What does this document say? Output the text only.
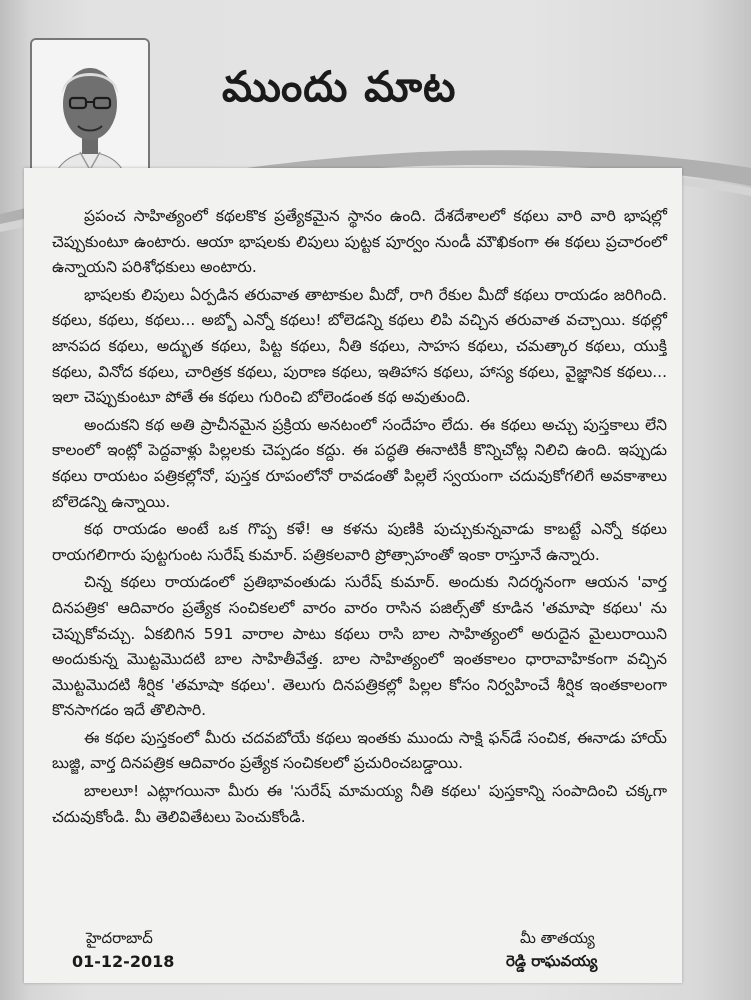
ముందు మాట

ప్రపంచ సాహిత్యంలో కథలకొక ప్రత్యేకమైన స్థానం ఉంది. దేశదేశాలలో కథలు వారి వారి భాషల్లో చెప్పుకుంటూ ఉంటారు. ఆయా భాషలకు లిపులు పుట్టక పూర్వం నుండీ మౌఖికంగా ఈ కథలు ప్రచారంలో ఉన్నాయని పరిశోధకులు అంటారు.

భాషలకు లిపులు ఏర్పడిన తరువాత తాటాకుల మీదో, రాగి రేకుల మీదో కథలు రాయడం జరిగింది. కథలు, కథలు, కథలు... అబ్బో ఎన్నో కథలు! బోలెడన్ని కథలు లిపి వచ్చిన తరువాత వచ్చాయి. కథల్లో జానపద కథలు, అద్భుత కథలు, పిట్ట కథలు, నీతి కథలు, సాహస కథలు, చమత్కార కథలు, యుక్తి కథలు, వినోద కథలు, చారిత్రక కథలు, పురాణ కథలు, ఇతిహాస కథలు, హాస్య కథలు, వైజ్ఞానిక కథలు... ఇలా చెప్పుకుంటూ పోతే ఈ కథలు గురించి బోలెండంత కథ అవుతుంది.

అందుకని కథ అతి ప్రాచీనమైన ప్రక్రియ అనటంలో సందేహం లేదు. ఈ కథలు అచ్చు పుస్తకాలు లేని కాలంలో ఇంట్లో పెద్దవాళ్లు పిల్లలకు చెప్పడం కద్దు. ఈ పద్ధతి ఈనాటికీ కొన్నిచోట్ల నిలిచి ఉంది. ఇప్పుడు కథలు రాయటం పత్రికల్లోనో, పుస్తక రూపంలోనో రావడంతో పిల్లలే స్వయంగా చదువుకోగలిగే అవకాశాలు బోలెడన్ని ఉన్నాయి.

కథ రాయడం అంటే ఒక గొప్ప కళే! ఆ కళను పుణికి పుచ్చుకున్నవాడు కాబట్టే ఎన్నో కథలు రాయగలిగారు పుట్టగుంట సురేష్ కుమార్. పత్రికలవారి ప్రోత్సాహంతో ఇంకా రాస్తూనే ఉన్నారు.

చిన్న కథలు రాయడంలో ప్రతిభావంతుడు సురేష్ కుమార్. అందుకు నిదర్శనంగా ఆయన 'వార్త దినపత్రిక' ఆదివారం ప్రత్యేక సంచికలలో వారం వారం రాసిన పజిల్స్‌తో కూడిన 'తమాషా కథలు' ను చెప్పుకోవచ్చు. ఏకబిగిన 591 వారాల పాటు కథలు రాసి బాల సాహిత్యంలో అరుదైన మైలురాయిని అందుకున్న మొట్టమొదటి బాల సాహితీవేత్త. బాల సాహిత్యంలో ఇంతకాలం ధారావాహికంగా వచ్చిన మొట్టమొదటి శీర్షిక 'తమాషా కథలు'. తెలుగు దినపత్రికల్లో పిల్లల కోసం నిర్వహించే శీర్షిక ఇంతకాలంగా కొనసాగడం ఇదే తొలిసారి.

ఈ కథల పుస్తకంలో మీరు చదవబోయే కథలు ఇంతకు ముందు సాక్షి ఫన్‌డే సంచిక, ఈనాడు హాయ్ బుజ్జి, వార్త దినపత్రిక ఆదివారం ప్రత్యేక సంచికలలో ప్రచురించబడ్డాయి.

బాలలూ! ఎట్లాగయినా మీరు ఈ 'సురేష్ మామయ్య నీతి కథలు' పుస్తకాన్ని సంపాదించి చక్కగా చదువుకోండి. మీ తెలివితేటలు పెంచుకోండి.

హైదరాబాద్
01-12-2018
మీ తాతయ్య
రెడ్డి రాఘవయ్య
